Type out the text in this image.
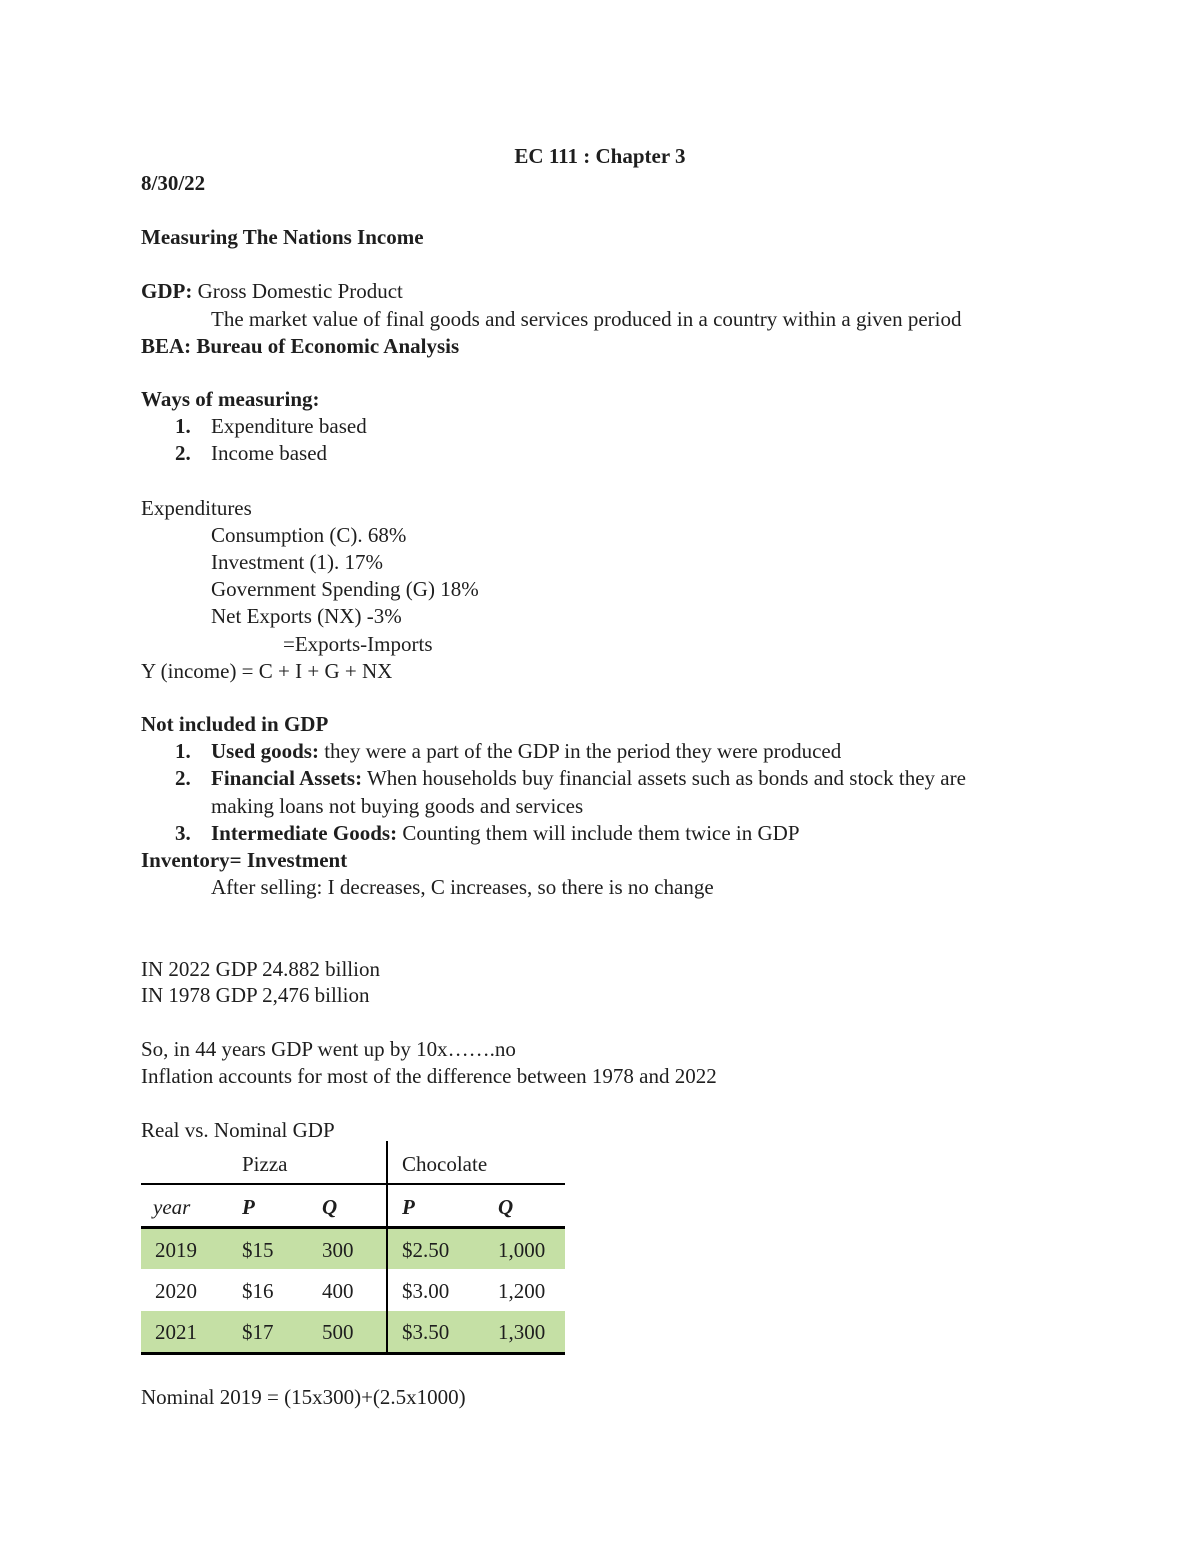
EC 111 : Chapter 3
8/30/22
Measuring The Nations Income
GDP: Gross Domestic Product
The market value of final goods and services produced in a country within a given period
BEA: Bureau of Economic Analysis
Ways of measuring:
1. Expenditure based
2. Income based
Expenditures
Consumption (C). 68%
Investment (1). 17%
Government Spending (G) 18%
Net Exports (NX) -3%
=Exports-Imports
Y (income) = C + I + G + NX
Not included in GDP
1. Used goods: they were a part of the GDP in the period they were produced
2. Financial Assets: When households buy financial assets such as bonds and stock they are
making loans not buying goods and services
3. Intermediate Goods: Counting them will include them twice in GDP
Inventory= Investment
After selling: I decreases, C increases, so there is no change
IN 2022 GDP 24.882 billion
IN 1978 GDP 2,476 billion
So, in 44 years GDP went up by 10x…….no
Inflation accounts for most of the difference between 1978 and 2022
Real vs. Nominal GDP
Pizza	Chocolate
year P	Q	P	Q
2019 $15 300 $2.50 1,000
2020 $16 400 $3.00 1,200
2021 $17 500 $3.50 1,300
Nominal 2019 = (15x300)+(2.5x1000)
